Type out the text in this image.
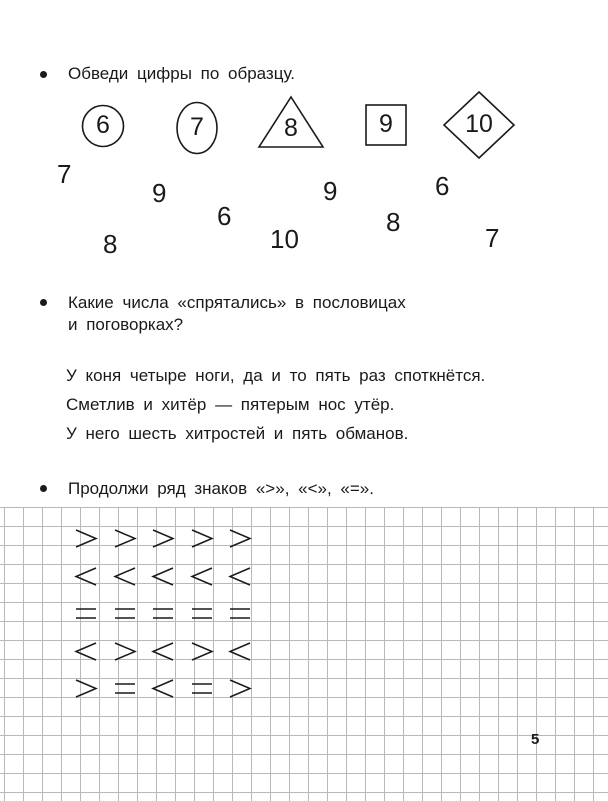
Обведи цифры по образцу.
6	7	8	9	10
7
9
6
10
8
9
8
6
7
Какие числа «спрятались» в пословицах
и поговорках?
У коня четыре ноги, да и то пять раз споткнётся.
Сметлив и хитёр — пятерым нос утёр.
У него шесть хитростей и пять обманов.
Продолжи ряд знаков «>», «<», «=».
5
